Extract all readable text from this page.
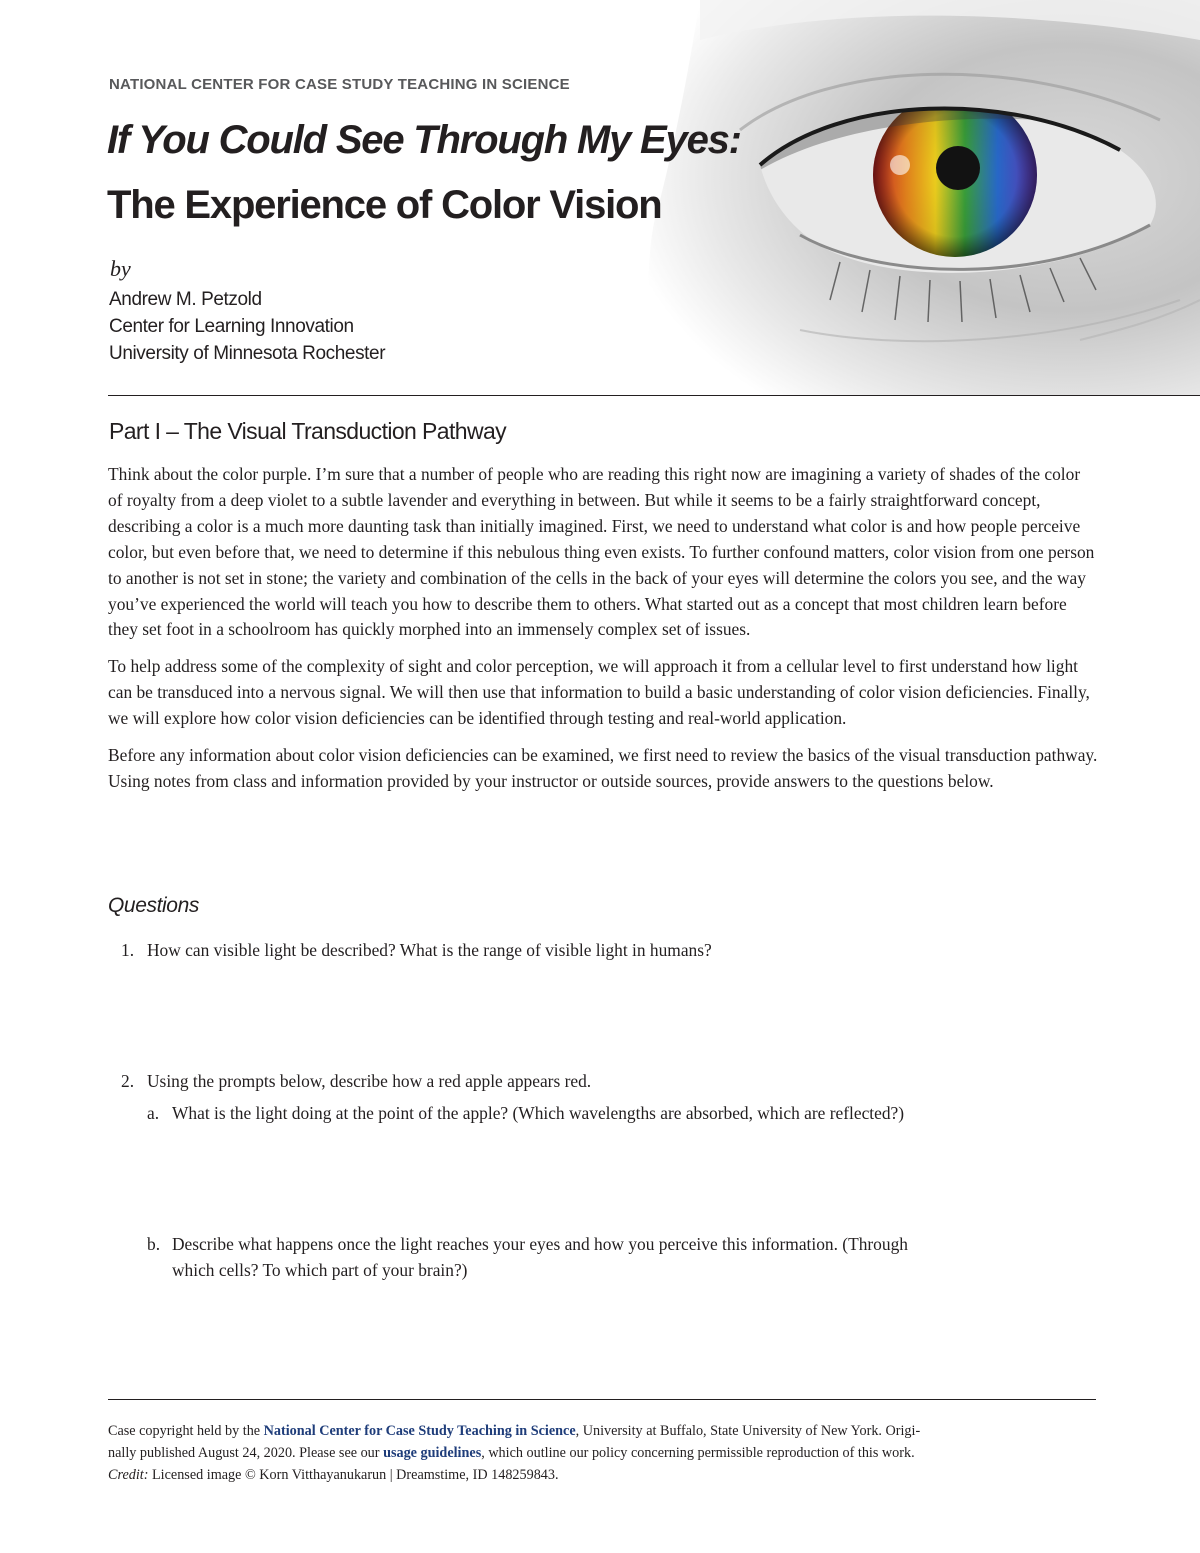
NATIONAL CENTER FOR CASE STUDY TEACHING IN SCIENCE
If You Could See Through My Eyes:
The Experience of Color Vision
by
Andrew M. Petzold
Center for Learning Innovation
University of Minnesota Rochester
Part I – The Visual Transduction Pathway

Think about the color purple. I’m sure that a number of people who are reading this right now are imagining a variety of shades of the color of royalty from a deep violet to a subtle lavender and everything in between. But while it seems to be a fairly straightforward concept, describing a color is a much more daunting task than initially imagined. First, we need to understand what color is and how people perceive color, but even before that, we need to determine if this nebulous thing even exists. To further confound matters, color vision from one person to another is not set in stone; the variety and combination of the cells in the back of your eyes will determine the colors you see, and the way you’ve experienced the world will teach you how to describe them to others. What started out as a concept that most children learn before they set foot in a schoolroom has quickly morphed into an immensely complex set of issues.

To help address some of the complexity of sight and color perception, we will approach it from a cellular level to first understand how light can be transduced into a nervous signal. We will then use that information to build a basic understanding of color vision deficiencies. Finally, we will explore how color vision deficiencies can be identified through testing and real-world application.

Before any information about color vision deficiencies can be examined, we first need to review the basics of the visual transduction pathway. Using notes from class and information provided by your instructor or outside sources, provide answers to the questions below.

Questions
1. How can visible light be described? What is the range of visible light in humans?
2. Using the prompts below, describe how a red apple appears red.
a. What is the light doing at the point of the apple? (Which wavelengths are absorbed, which are reflected?)
b. Describe what happens once the light reaches your eyes and how you perceive this information. (Through
which cells? To which part of your brain?)
Case copyright held by the National Center for Case Study Teaching in Science, University at Buffalo, State University of New York. Origi-
nally published August 24, 2020. Please see our usage guidelines, which outline our policy concerning permissible reproduction of this work.
Credit: Licensed image © Korn Vitthayanukarun | Dreamstime, ID 148259843.
